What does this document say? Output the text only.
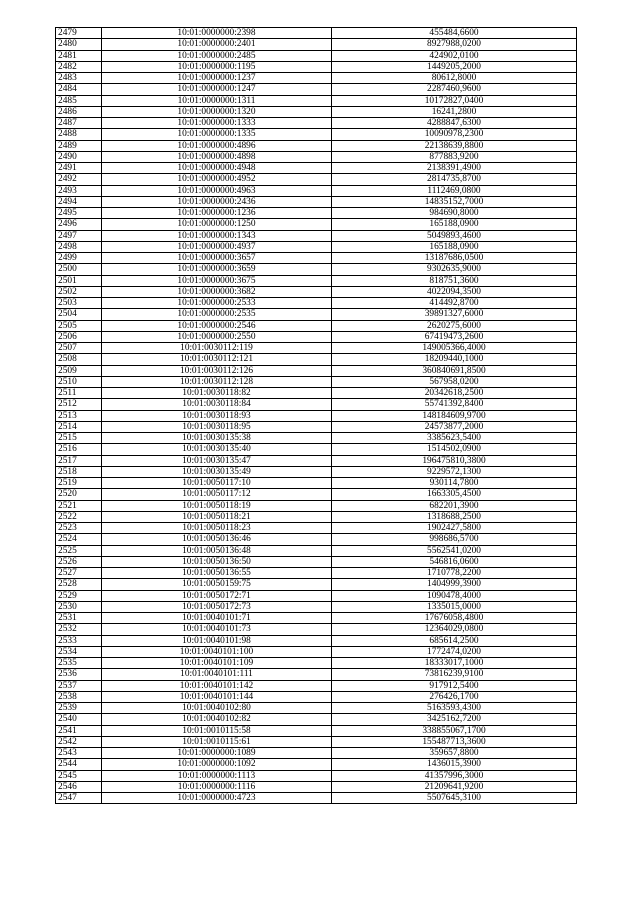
2479	10:01:0000000:2398	455484,6600
2480	10:01:0000000:2401	8927988,0200
2481	10:01:0000000:2485	424902,0100
2482	10:01:0000000:1195	1449205,2000
2483	10:01:0000000:1237	80612,8000
2484	10:01:0000000:1247	2287460,9600
2485	10:01:0000000:1311	10172827,0400
2486	10:01:0000000:1320	16241,2800
2487	10:01:0000000:1333	4288847,6300
2488	10:01:0000000:1335	10090978,2300
2489	10:01:0000000:4896	22138639,8800
2490	10:01:0000000:4898	877883,9200
2491	10:01:0000000:4948	2138391,4900
2492	10:01:0000000:4952	2814735,8700
2493	10:01:0000000:4963	1112469,0800
2494	10:01:0000000:2436	14835152,7000
2495	10:01:0000000:1236	984690,8000
2496	10:01:0000000:1250	165188,0900
2497	10:01:0000000:1343	5049893,4600
2498	10:01:0000000:4937	165188,0900
2499	10:01:0000000:3657	13187686,0500
2500	10:01:0000000:3659	9302635,9000
2501	10:01:0000000:3675	818751,3600
2502	10:01:0000000:3682	4022094,3500
2503	10:01:0000000:2533	414492,8700
2504	10:01:0000000:2535	39891327,6000
2505	10:01:0000000:2546	2620275,6000
2506	10:01:0000000:2550	67419473,2600
2507	10:01:0030112:119	149005366,4000
2508	10:01:0030112:121	18209440,1000
2509	10:01:0030112:126	360840691,8500
2510	10:01:0030112:128	567958,0200
2511	10:01:0030118:82	20342618,2500
2512	10:01:0030118:84	55741392,8400
2513	10:01:0030118:93	148184609,9700
2514	10:01:0030118:95	24573877,2000
2515	10:01:0030135:38	3385623,5400
2516	10:01:0030135:40	1514502,0900
2517	10:01:0030135:47	196475810,3800
2518	10:01:0030135:49	9229572,1300
2519	10:01:0050117:10	930114,7800
2520	10:01:0050117:12	1663305,4500
2521	10:01:0050118:19	682201,3900
2522	10:01:0050118:21	1318688,2500
2523	10:01:0050118:23	1902427,5800
2524	10:01:0050136:46	998686,5700
2525	10:01:0050136:48	5562541,0200
2526	10:01:0050136:50	546816,0600
2527	10:01:0050136:55	1710778,2200
2528	10:01:0050159:75	1404999,3900
2529	10:01:0050172:71	1090478,4000
2530	10:01:0050172:73	1335015,0000
2531	10:01:0040101:71	17676058,4800
2532	10:01:0040101:73	12364029,0800
2533	10:01:0040101:98	685614,2500
2534	10:01:0040101:100	1772474,0200
2535	10:01:0040101:109	18333017,1000
2536	10:01:0040101:111	73816239,9100
2537	10:01:0040101:142	917912,5400
2538	10:01:0040101:144	276426,1700
2539	10:01:0040102:80	5163593,4300
2540	10:01:0040102:82	3425162,7200
2541	10:01:0010115:58	338855067,1700
2542	10:01:0010115:61	155487713,3600
2543	10:01:0000000:1089	359657,8800
2544	10:01:0000000:1092	1436015,3900
2545	10:01:0000000:1113	41357996,3000
2546	10:01:0000000:1116	21209641,9200
2547	10:01:0000000:4723	5507645,3100
